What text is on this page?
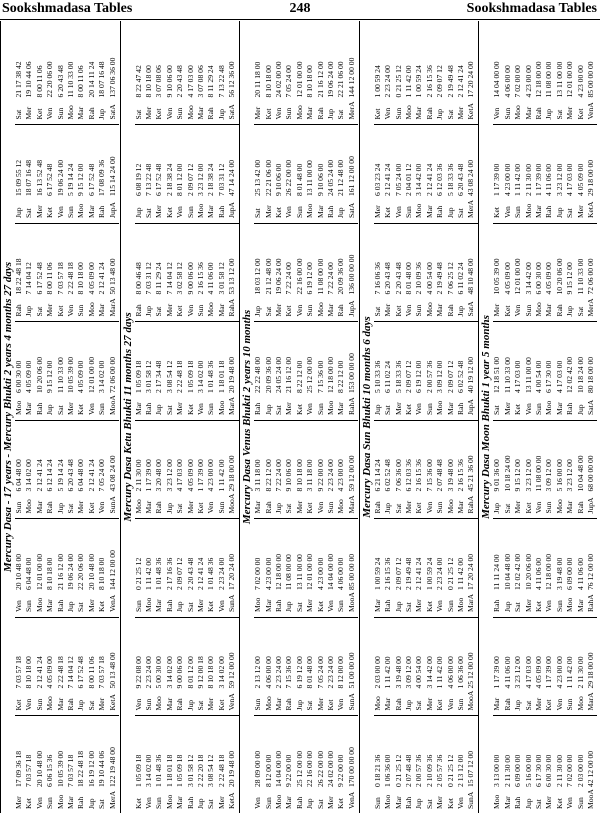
Sookshmadasa Tables	248	Sookshmadasa Tables
Mercury Dasa - 17 years - Mercury Bhukti 2 years 4 months 27 days
Mer
17 09 36 18
Ket
7 03 57 18
Ven
20 10 48 00
Sun
6 04 48 00
Moo
6 00 30 00
Rah
18 22 48 18
Jup
15 09 55 12
Sat
21 17 38 42
Ket
7 03 57 18
Ven
8 10 18 00
Sun
6 04 48 00
Moo
3 14 02 00
Mar
4 05 09 00
Jup
7 14 04 12
Sat
18 07 16 48
Mer
19 10 44 06
Ven
20 10 48 00
Sun
2 12 41 24
Moo
12 01 00 00
Mar
2 12 41 24
Rah
10 20 06 00
Sat
6 17 52 48
Mer
16 13 52 48
Ket
8 00 11 06
Sun
6 06 15 36
Moo
4 05 09 00
Mar
8 10 18 00
Rah
6 12 14 24
Jup
9 15 12 00
Mer
8 00 11 06
Ket
6 17 52 48
Ven
22 20 06 00
Moo
10 05 39 00
Mar
2 22 48 18
Rah
21 16 12 00
Jup
5 19 14 24
Sat
11 10 33 00
Ket
7 03 57 18
Ven
19 06 24 00
Sun
6 20 43 48
Mar
7 03 57 18
Rah
7 14 04 12
Jup
19 06 24 00
Sat
6 20 43 48
Mer
10 05 39 00
Ven
2 22 48 18
Sun
5 19 14 24
Moo
11 10 33 00
Rah
18 22 48 18
Jup
6 17 52 48
Sat
22 20 06 00
Mer
6 04 48 00
Ket
4 05 09 00
Sun
8 10 18 00
Moo
9 15 12 00
Mar
8 00 11 06
Jup
16 19 12 00
Sat
8 00 11 06
Mer
20 10 48 00
Ket
2 12 41 24
Ven
12 01 00 00
Moo
4 05 09 00
Mar
6 17 52 48
Rah
20 14 11 24
Sat
19 10 44 06
Mer
7 03 57 18
Ket
8 10 18 00
Ven
7 05 24 00
Sun
3 14 02 00
Mar
2 12 41 24
Rah
17 08 09 36
Jup
18 07 16 48
MerA
122 19 48 00
KetA
50 13 48 00
VenA
144 12 00 00
SunA
43 08 24 00
MooA
72 06 00 00
MarA
50 13 48 00
JupA
115 14 24 00
SatA
137 06 36 00
Mercury Dasa Ketu Bhukti 11 months 27 days
Ket
1 05 09 18
Ven
9 22 08 00
Sun
0 21 25 12
Moo
2 11 30 00
Mar
1 05 09 18
Rah
8 00 46 48
Jup
6 08 19 12
Sat
8 22 47 42
Ven
3 14 02 00
Sun
2 23 24 00
Moo
1 11 42 00
Mar
1 17 39 00
Rah
3 01 58 12
Jup
7 03 31 12
Sat
7 13 22 48
Mer
8 10 18 00
Sun
1 01 48 36
Moo
5 00 30 00
Mar
1 01 48 36
Rah
3 20 48 00
Jup
2 17 34 48
Sat
8 11 29 24
Mer
6 17 52 48
Ket
3 07 08 06
Moo
1 18 01 18
Mar
3 14 02 00
Rah
2 17 16 36
Jup
3 23 12 00
Sat
3 08 54 12
Mer
7 14 04 12
Ket
2 18 38 24
Ven
9 10 06 00
Mar
1 05 09 18
Rah
9 00 06 00
Jup
2 09 07 12
Sat
4 17 03 00
Mer
2 22 48 18
Ket
3 02 58 12
Ven
8 01 12 00
Sun
2 20 43 48
Rah
3 01 58 12
Jup
8 01 12 00
Sat
2 20 43 48
Mer
4 05 09 00
Ket
1 05 09 18
Ven
9 00 06 00
Sun
2 09 07 12
Moo
4 17 03 00
Jup
2 22 20 18
Sat
9 12 00 18
Mer
2 12 41 24
Ket
1 17 39 00
Ven
3 14 02 00
Sun
2 16 15 36
Moo
3 23 12 00
Mar
3 07 08 06
Sat
3 08 54 12
Mer
8 10 18 00
Ket
1 01 48 36
Ven
4 23 00 00
Sun
1 01 48 36
Moo
4 11 06 00
Mar
2 18 38 24
Rah
8 11 29 24
Mer
2 22 48 18
Ket
3 14 02 00
Ven
2 23 24 00
Sun
1 11 42 00
Moo
1 18 01 18
Mar
3 01 58 12
Rah
7 03 31 12
Jup
7 13 22 48
KetA
20 19 48 00
VenA
59 12 00 00
SunA
17 20 24 00
MooA
29 18 00 00
MarA
20 19 48 00
RahA
53 13 12 00
JupA
47 14 24 00
SatA
56 12 36 00
Mercury Dasa Venus Bhukti 2 years 10 months
Ven
28 09 00 00
Sun
2 13 12 00
Moo
7 02 00 00
Mar
3 11 18 00
Rah
22 22 48 00
Jup
18 03 12 00
Sat
25 13 42 00
Mer
20 11 18 00
Sun
8 12 00 00
Moo
4 06 00 00
Mar
4 23 00 00
Rah
8 22 12 00
Jup
20 09 36 00
Sat
21 12 48 00
Mer
22 21 06 00
Ket
8 10 18 00
Moo
14 04 00 00
Mar
2 23 24 00
Rah
12 18 00 00
Jup
7 22 24 00
Sat
24 05 24 00
Mer
19 06 24 00
Ket
9 10 06 00
Ven
24 02 00 00
Mar
9 22 00 00
Rah
7 15 36 00
Jup
11 08 00 00
Sat
9 10 06 00
Mer
21 16 12 00
Ket
7 22 24 00
Ven
26 22 00 00
Sun
7 05 24 00
Rah
25 12 00 00
Jup
6 19 12 00
Sat
13 11 00 00
Mer
8 10 18 00
Ket
8 22 12 00
Ven
22 16 00 00
Sun
8 01 48 00
Moo
12 01 00 00
Jup
22 16 00 00
Sat
8 01 48 00
Mer
12 01 00 00
Ket
3 11 18 00
Ven
25 12 00 00
Sun
6 19 12 00
Moo
13 11 00 00
Mar
8 10 18 00
Sat
26 22 00 00
Mer
7 05 24 00
Ket
4 23 00 00
Ven
9 22 00 00
Sun
7 15 36 00
Moo
11 08 00 00
Mar
9 10 06 00
Rah
21 16 12 00
Mer
24 02 00 00
Ket
2 23 24 00
Ven
14 04 00 00
Sun
2 23 24 00
Moo
12 18 00 00
Mar
7 22 24 00
Rah
24 05 24 00
Jup
19 06 24 00
Ket
9 22 00 00
Ven
8 12 00 00
Sun
4 06 00 00
Moo
4 23 00 00
Mar
8 22 12 00
Rah
20 09 36 00
Jup
21 12 48 00
Sat
22 21 06 00
VenA
170 00 00 00
SunA
51 00 00 00
MooA
85 00 00 00
MarA
59 12 00 00
RahA
153 00 00 00
JupA
136 00 00 00
SatA
161 12 00 00
MerA
144 12 00 00
Mercury Dasa Sun Bhukti 10 months 6 days
Sun
0 18 21 36
Moo
2 03 00 00
Mar
1 00 59 24
Rah
6 21 14 24
Jup
5 10 33 36
Sat
7 16 06 36
Mer
6 03 23 24
Ket
1 00 59 24
Moo
1 06 36 00
Mar
1 11 42 00
Rah
2 16 15 36
Jup
6 02 52 48
Sat
6 11 02 24
Mer
6 20 43 48
Ket
2 12 41 24
Ven
2 23 24 00
Mar
0 21 25 12
Rah
3 19 48 00
Jup
2 09 07 12
Sat
7 06 36 00
Mer
5 18 33 36
Ket
2 20 43 48
Ven
7 05 24 00
Sun
0 21 25 12
Rah
2 07 48 48
Jup
3 09 12 00
Sat
2 19 49 48
Mer
6 12 03 36
Ket
2 09 07 12
Ven
8 01 48 00
Sun
2 04 01 12
Moo
1 11 42 00
Jup
2 00 57 36
Sat
4 00 54 00
Mer
2 12 41 24
Ket
2 16 15 36
Ven
6 19 12 00
Sun
2 10 09 36
Moo
3 14 42 00
Mar
1 00 59 24
Sat
2 10 09 36
Mer
3 14 42 00
Ket
1 00 59 24
Ven
7 15 36 00
Sun
2 00 57 36
Moo
4 00 54 00
Mar
2 12 41 24
Rah
2 16 15 36
Mer
2 05 57 36
Ket
1 11 42 00
Ven
2 23 24 00
Sun
2 07 48 48
Moo
3 09 12 00
Mar
2 19 49 48
Rah
6 12 03 36
Jup
2 09 07 12
Ket
0 21 25 12
Ven
4 06 00 00
Sun
0 21 25 12
Moo
3 19 48 00
Mar
2 09 07 12
Rah
7 06 25 12
Jup
5 18 33 36
Sat
2 19 49 48
Ven
2 13 12 00
Sun
1 06 36 00
Moo
1 11 42 00
Mar
2 16 15 36
Rah
6 02 52 48
Jup
6 11 02 24
Sat
6 20 43 48
Mer
2 12 41 24
SunA
15 07 12 00
MooA
25 12 00 00
MarA
17 20 24 00
RahA
45 21 36 00
JupA
40 19 12 00
SatA
48 10 48 00
MerA
43 08 24 00
KetA
17 20 24 00
Mercury Dasa Moon Bhukti 1 year 5 months
Moo
3 13 00 00
Mar
1 17 39 00
Rah
11 11 24 00
Jup
9 01 36 00
Sat
12 18 51 00
Mer
10 05 39 00
Ket
1 17 39 00
Ven
14 04 00 00
Mar
2 11 30 00
Rah
4 11 06 00
Jup
10 04 48 00
Sat
10 18 24 00
Mer
11 10 33 00
Ket
4 05 09 00
Ven
4 23 00 00
Sun
4 06 00 00
Rah
6 09 00 00
Jup
3 23 12 00
Sat
12 02 42 00
Mer
9 15 12 00
Ket
4 17 03 00
Ven
12 01 00 00
Sun
1 11 42 00
Moo
7 02 00 00
Jup
5 16 00 00
Sat
4 17 03 00
Mer
10 20 06 00
Ket
3 23 12 00
Ven
13 11 00 00
Sun
3 14 42 00
Moo
2 11 30 00
Mar
4 23 00 00
Sat
6 17 30 00
Mer
4 05 09 00
Ket
4 11 06 00
Ven
11 08 00 00
Sun
4 00 54 00
Moo
6 00 30 00
Mar
1 17 39 00
Rah
12 18 00 00
Mer
6 00 30 00
Ket
1 17 39 00
Ven
12 18 00 00
Sun
3 09 12 00
Moo
6 17 30 00
Mar
4 05 09 00
Rah
4 11 06 00
Jup
11 08 00 00
Ket
2 11 30 00
Ven
4 23 00 00
Sun
3 19 48 00
Moo
5 16 00 00
Mar
4 17 03 00
Rah
10 20 06 00
Jup
3 23 12 00
Sat
13 11 00 00
Ven
7 02 00 00
Sun
1 11 42 00
Moo
6 09 00 00
Mar
3 23 12 00
Rah
12 02 42 00
Jup
9 15 12 00
Sat
4 17 03 00
Mer
12 01 00 00
Sun
2 03 00 00
Moo
2 11 30 00
Mar
4 11 06 00
Rah
10 04 48 00
Jup
10 18 24 00
Sat
11 10 33 00
Mer
4 05 09 00
Ket
4 23 00 00
MooA
42 12 00 00
MarA
29 18 00 00
RahA
76 12 00 00
JupA
68 00 00 00
SatA
80 18 00 00
MerA
72 06 00 00
KetA
29 18 00 00
VenA
85 00 00 00
